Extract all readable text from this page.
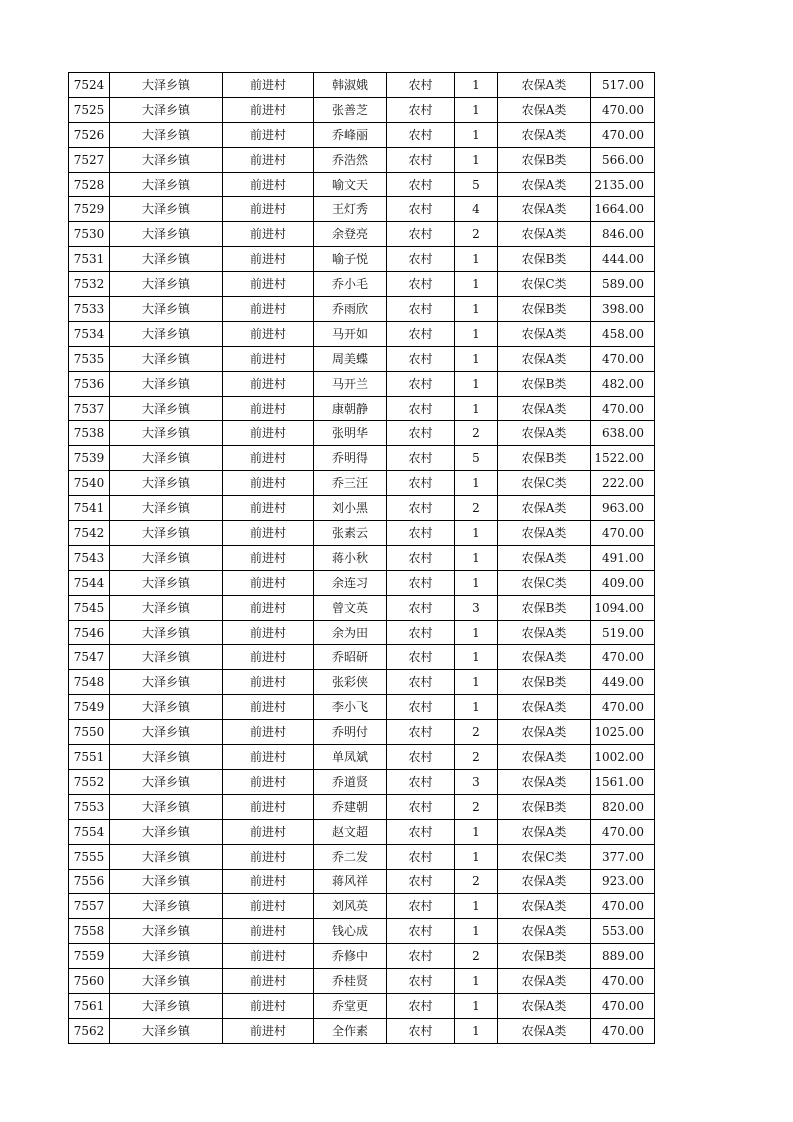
7524	大泽乡镇	前进村	韩淑娥	农村	1	农保A类	517.00
7525	大泽乡镇	前进村	张善芝	农村	1	农保A类	470.00
7526	大泽乡镇	前进村	乔峰丽	农村	1	农保A类	470.00
7527	大泽乡镇	前进村	乔浩然	农村	1	农保B类	566.00
7528	大泽乡镇	前进村	喻文天	农村	5	农保A类	2135.00
7529	大泽乡镇	前进村	王灯秀	农村	4	农保A类	1664.00
7530	大泽乡镇	前进村	余登亮	农村	2	农保A类	846.00
7531	大泽乡镇	前进村	喻子悦	农村	1	农保B类	444.00
7532	大泽乡镇	前进村	乔小毛	农村	1	农保C类	589.00
7533	大泽乡镇	前进村	乔雨欣	农村	1	农保B类	398.00
7534	大泽乡镇	前进村	马开如	农村	1	农保A类	458.00
7535	大泽乡镇	前进村	周美蝶	农村	1	农保A类	470.00
7536	大泽乡镇	前进村	马开兰	农村	1	农保B类	482.00
7537	大泽乡镇	前进村	康朝静	农村	1	农保A类	470.00
7538	大泽乡镇	前进村	张明华	农村	2	农保A类	638.00
7539	大泽乡镇	前进村	乔明得	农村	5	农保B类	1522.00
7540	大泽乡镇	前进村	乔三汪	农村	1	农保C类	222.00
7541	大泽乡镇	前进村	刘小黑	农村	2	农保A类	963.00
7542	大泽乡镇	前进村	张素云	农村	1	农保A类	470.00
7543	大泽乡镇	前进村	蒋小秋	农村	1	农保A类	491.00
7544	大泽乡镇	前进村	余连习	农村	1	农保C类	409.00
7545	大泽乡镇	前进村	曾文英	农村	3	农保B类	1094.00
7546	大泽乡镇	前进村	余为田	农村	1	农保A类	519.00
7547	大泽乡镇	前进村	乔昭研	农村	1	农保A类	470.00
7548	大泽乡镇	前进村	张彩侠	农村	1	农保B类	449.00
7549	大泽乡镇	前进村	李小飞	农村	1	农保A类	470.00
7550	大泽乡镇	前进村	乔明付	农村	2	农保A类	1025.00
7551	大泽乡镇	前进村	单凤斌	农村	2	农保A类	1002.00
7552	大泽乡镇	前进村	乔道贤	农村	3	农保A类	1561.00
7553	大泽乡镇	前进村	乔建朝	农村	2	农保B类	820.00
7554	大泽乡镇	前进村	赵文超	农村	1	农保A类	470.00
7555	大泽乡镇	前进村	乔二发	农村	1	农保C类	377.00
7556	大泽乡镇	前进村	蒋风祥	农村	2	农保A类	923.00
7557	大泽乡镇	前进村	刘风英	农村	1	农保A类	470.00
7558	大泽乡镇	前进村	钱心成	农村	1	农保A类	553.00
7559	大泽乡镇	前进村	乔修中	农村	2	农保B类	889.00
7560	大泽乡镇	前进村	乔桂贤	农村	1	农保A类	470.00
7561	大泽乡镇	前进村	乔堂更	农村	1	农保A类	470.00
7562	大泽乡镇	前进村	全作素	农村	1	农保A类	470.00
